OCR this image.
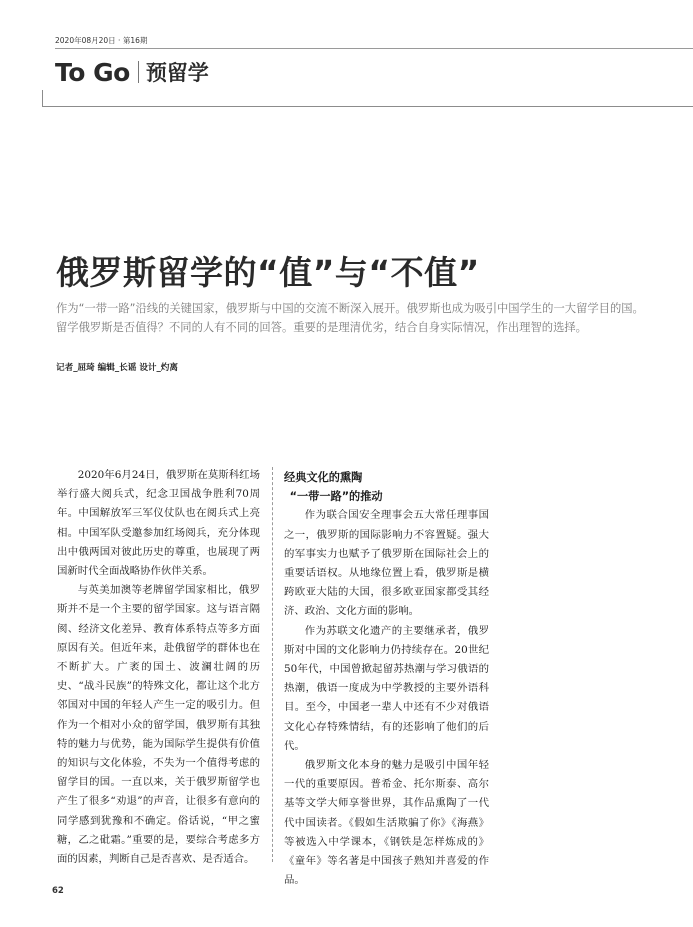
2020年08月20日 · 第16期
To Go 预留学
俄罗斯留学的“值”与“不值”

作为“一带一路”沿线的关键国家，俄罗斯与中国的交流不断深入展开。俄罗斯也成为吸引中国学生的一大留学目的国。留学俄罗斯是否值得？不同的人有不同的回答。重要的是理清优劣，结合自身实际情况，作出理智的选择。

记者_屈琦 编辑_长谣 设计_灼离

2020年6月24日，俄罗斯在莫斯科红场举行盛大阅兵式，纪念卫国战争胜利70周年。中国解放军三军仪仗队也在阅兵式上亮相。中国军队受邀参加红场阅兵，充分体现出中俄两国对彼此历史的尊重，也展现了两国新时代全面战略协作伙伴关系。

与英美加澳等老牌留学国家相比，俄罗斯并不是一个主要的留学国家。这与语言隔阂、经济文化差异、教育体系特点等多方面原因有关。但近年来，赴俄留学的群体也在不断扩大。广袤的国土、波澜壮阔的历史、“战斗民族”的特殊文化，都让这个北方邻国对中国的年轻人产生一定的吸引力。但作为一个相对小众的留学国，俄罗斯有其独特的魅力与优势，能为国际学生提供有价值的知识与文化体验，不失为一个值得考虑的留学目的国。一直以来，关于俄罗斯留学也产生了很多“劝退”的声音，让很多有意向的同学感到犹豫和不确定。俗话说，“甲之蜜糖，乙之砒霜。”重要的是，要综合考虑多方面的因素，判断自己是否喜欢、是否适合。

经典文化的熏陶
“一带一路”的推动

作为联合国安全理事会五大常任理事国之一，俄罗斯的国际影响力不容置疑。强大的军事实力也赋予了俄罗斯在国际社会上的重要话语权。从地缘位置上看，俄罗斯是横跨欧亚大陆的大国，很多欧亚国家都受其经济、政治、文化方面的影响。

作为苏联文化遗产的主要继承者，俄罗斯对中国的文化影响力仍持续存在。20世纪50年代，中国曾掀起留苏热潮与学习俄语的热潮，俄语一度成为中学教授的主要外语科目。至今，中国老一辈人中还有不少对俄语文化心存特殊情结，有的还影响了他们的后代。

俄罗斯文化本身的魅力是吸引中国年轻一代的重要原因。普希金、托尔斯泰、高尔基等文学大师享誉世界，其作品熏陶了一代代中国读者。《假如生活欺骗了你》《海燕》等被选入中学课本，《钢铁是怎样炼成的》《童年》等名著是中国孩子熟知并喜爱的作品。

62
